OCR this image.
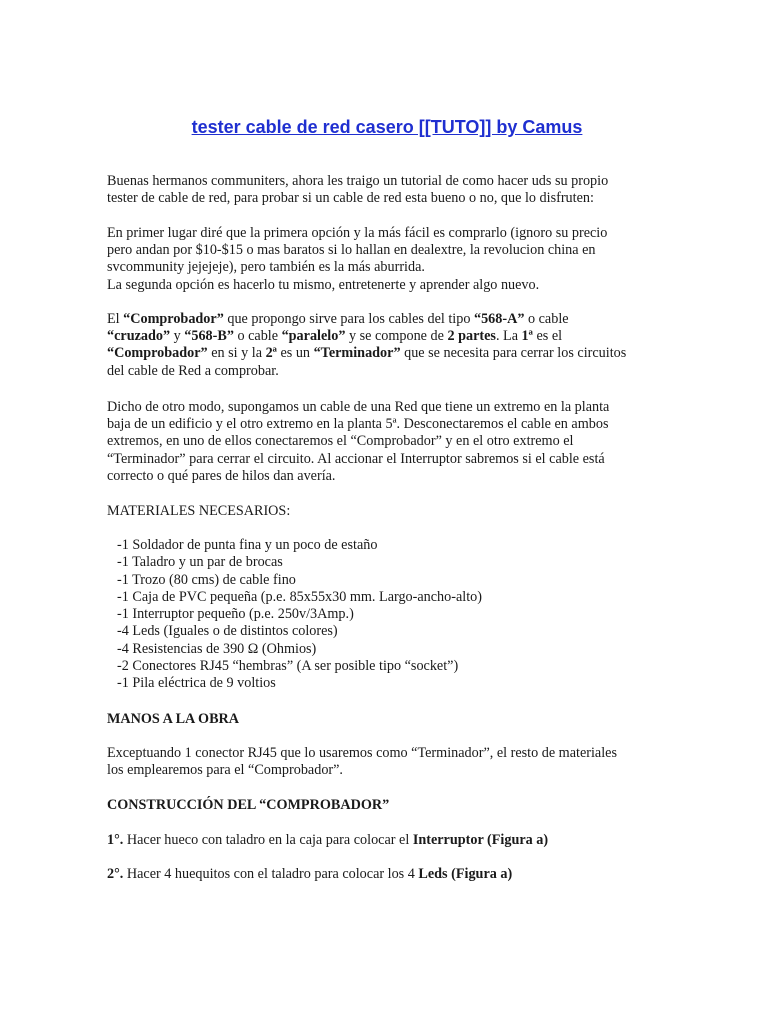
tester cable de red casero [[TUTO]] by Camus
Buenas hermanos communiters, ahora les traigo un tutorial de como hacer uds su propio
tester de cable de red, para probar si un cable de red esta bueno o no, que lo disfruten:
En primer lugar diré que la primera opción y la más fácil es comprarlo (ignoro su precio
pero andan por $10-$15 o mas baratos si lo hallan en dealextre, la revolucion china en
svcommunity jejejeje), pero también es la más aburrida.
La segunda opción es hacerlo tu mismo, entretenerte y aprender algo nuevo.
El “Comprobador” que propongo sirve para los cables del tipo “568-A” o cable
“cruzado” y “568-B” o cable “paralelo” y se compone de 2 partes. La 1ª es el
“Comprobador” en si y la 2ª es un “Terminador” que se necesita para cerrar los circuitos
del cable de Red a comprobar.
Dicho de otro modo, supongamos un cable de una Red que tiene un extremo en la planta
baja de un edificio y el otro extremo en la planta 5ª. Desconectaremos el cable en ambos
extremos, en uno de ellos conectaremos el “Comprobador” y en el otro extremo el
“Terminador” para cerrar el circuito. Al accionar el Interruptor sabremos si el cable está
correcto o qué pares de hilos dan avería.
MATERIALES NECESARIOS:
-1 Soldador de punta fina y un poco de estaño
-1 Taladro y un par de brocas
-1 Trozo (80 cms) de cable fino
-1 Caja de PVC pequeña (p.e. 85x55x30 mm. Largo-ancho-alto)
-1 Interruptor pequeño (p.e. 250v/3Amp.)
-4 Leds (Iguales o de distintos colores)
-4 Resistencias de 390 Ω (Ohmios)
-2 Conectores RJ45 “hembras” (A ser posible tipo “socket”)
-1 Pila eléctrica de 9 voltios
MANOS A LA OBRA
Exceptuando 1 conector RJ45 que lo usaremos como “Terminador”, el resto de materiales
los emplearemos para el “Comprobador”.
CONSTRUCCIÓN DEL “COMPROBADOR”
1°. Hacer hueco con taladro en la caja para colocar el Interruptor (Figura a)
2°. Hacer 4 huequitos con el taladro para colocar los 4 Leds (Figura a)
